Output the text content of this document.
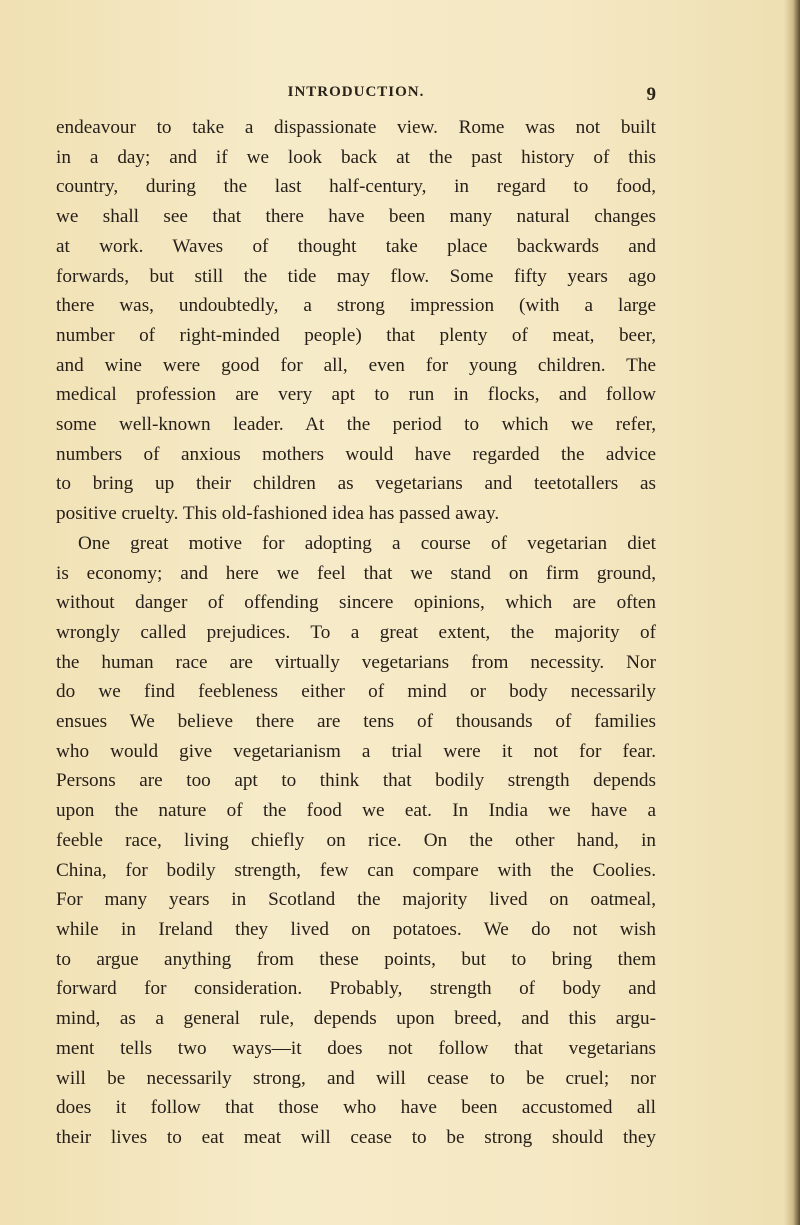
INTRODUCTION.	9
endeavour to take a dispassionate view. Rome was not built
in a day; and if we look back at the past history of this
country, during the last half-century, in regard to food,
we shall see that there have been many natural changes
at work. Waves of thought take place backwards and
forwards, but still the tide may flow. Some fifty years ago
there was, undoubtedly, a strong impression (with a large
number of right-minded people) that plenty of meat, beer,
and wine were good for all, even for young children. The
medical profession are very apt to run in flocks, and follow
some well-known leader. At the period to which we refer,
numbers of anxious mothers would have regarded the advice
to bring up their children as vegetarians and teetotallers as
positive cruelty. This old-fashioned idea has passed away.
One great motive for adopting a course of vegetarian diet
is economy; and here we feel that we stand on firm ground,
without danger of offending sincere opinions, which are often
wrongly called prejudices. To a great extent, the majority of
the human race are virtually vegetarians from necessity. Nor
do we find feebleness either of mind or body necessarily
ensues We believe there are tens of thousands of families
who would give vegetarianism a trial were it not for fear.
Persons are too apt to think that bodily strength depends
upon the nature of the food we eat. In India we have a
feeble race, living chiefly on rice. On the other hand, in
China, for bodily strength, few can compare with the Coolies.
For many years in Scotland the majority lived on oatmeal,
while in Ireland they lived on potatoes. We do not wish
to argue anything from these points, but to bring them
forward for consideration. Probably, strength of body and
mind, as a general rule, depends upon breed, and this argu-
ment tells two ways—it does not follow that vegetarians
will be necessarily strong, and will cease to be cruel; nor
does it follow that those who have been accustomed all
their lives to eat meat will cease to be strong should they
